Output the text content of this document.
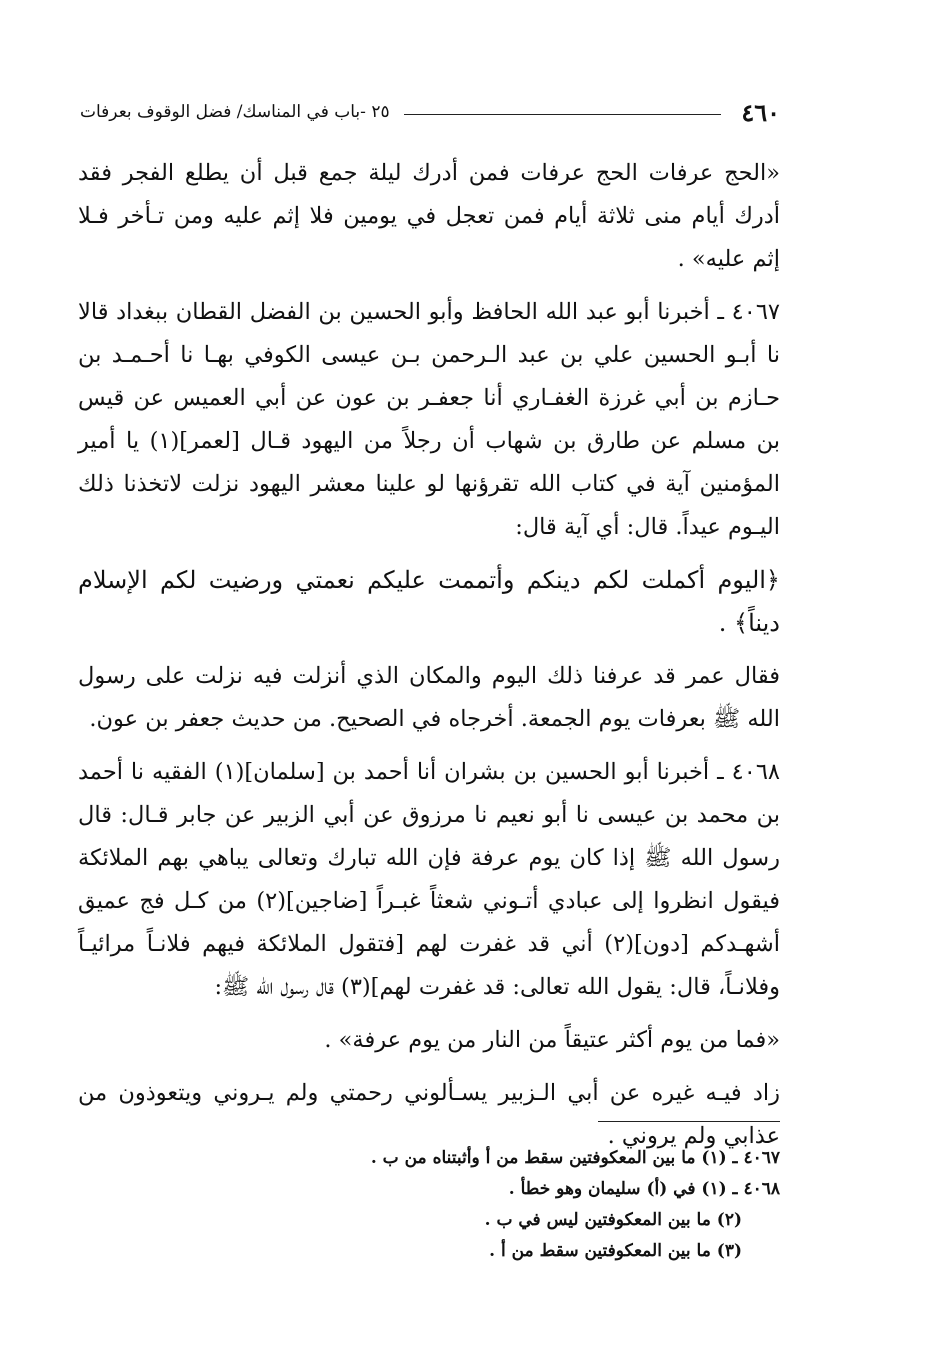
٤٦٠
٢٥ -باب في المناسك/ فضل الوقوف بعرفات

«الحج عرفات الحج عرفات فمن أدرك ليلة جمع قبل أن يطلع الفجر فقد أدرك أيام منى ثلاثة أيام فمن تعجل في يومين فلا إثم عليه ومن تـأخر فـلا إثم عليه» .

٤٠٦٧ ـ أخبرنا أبو عبد الله الحافظ وأبو الحسين بن الفضل القطان ببغداد قالا نا أبـو الحسين علي بن عبد الـرحمن بـن عيسى الكوفي بهـا نا أحـمـد بن حـازم بن أبي غرزة الغفـاري أنا جعفـر بن عون عن أبي العميس عن قيس بن مسلم عن طارق بن شهاب أن رجلاً من اليهود قـال [لعمر](١) يا أمير المؤمنين آية في كتاب الله تقرؤنها لو علينا معشر اليهود نزلت لاتخذنا ذلك اليـوم عيداً. قال: أي آية قال:

﴿اليوم أكملت لكم دينكم وأتممت عليكم نعمتي ورضيت لكم الإسلام ديناً﴾ .

فقال عمر قد عرفنا ذلك اليوم والمكان الذي أنزلت فيه نزلت على رسول الله ﷺ بعرفات يوم الجمعة. أخرجاه في الصحيح. من حديث جعفر بن عون.

٤٠٦٨ ـ أخبرنا أبو الحسين بن بشران أنا أحمد بن [سلمان](١) الفقيه نا أحمد بن محمد بن عيسى نا أبو نعيم نا مرزوق عن أبي الزبير عن جابر قـال: قال رسول الله ﷺ إذا كان يوم عرفة فإن الله تبارك وتعالى يباهي بهم الملائكة فيقول انظروا إلى عبادي أتـوني شعثاً غبـراً [ضاجين](٢) من كـل فج عميق أشهـدكم [دون](٢) أني قد غفرت لهم [فتقول الملائكة فيهم فلانـاً مرائيـاً وفلانـاً، قال: يقول الله تعالى: قد غفرت لهم](٣) قال رسول الله ﷺ:

«فما من يوم أكثر عتيقاً من النار من يوم عرفة» .

زاد فيـه غيره عن أبي الـزبير يسـألوني رحمتي ولم يـروني ويتعوذون من عذابي ولم يروني .

٤٠٦٧ ـ (١) ما بين المعكوفتين سقط من أ وأثبتناه من ب .

٤٠٦٨ ـ (١) في (أ) سليمان وهو خطأ .

(٢) ما بين المعكوفتين ليس في ب .

(٣) ما بين المعكوفتين سقط من أ .
